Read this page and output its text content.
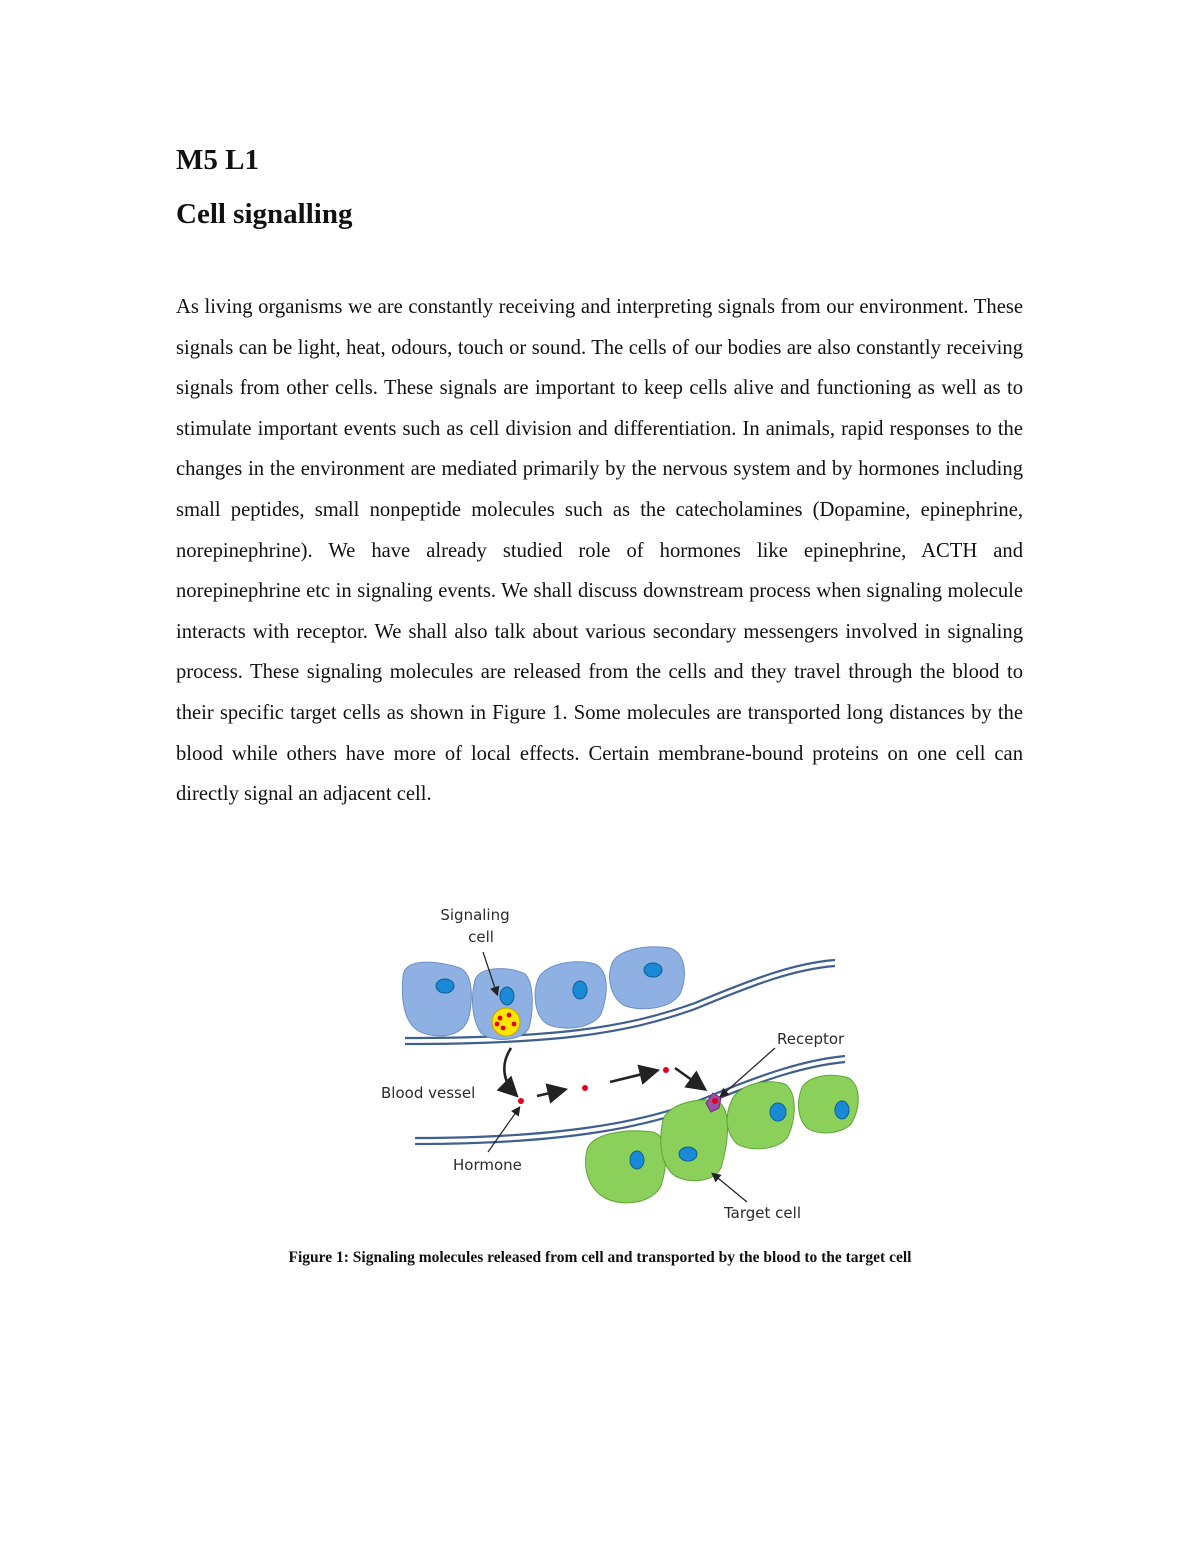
M5 L1
Cell signalling

As living organisms we are constantly receiving and interpreting signals from our environment. These signals can be light, heat, odours, touch or sound. The cells of our bodies are also constantly receiving signals from other cells. These signals are important to keep cells alive and functioning as well as to stimulate important events such as cell division and differentiation. In animals, rapid responses to the changes in the environment are mediated primarily by the nervous system and by hormones including small peptides, small nonpeptide molecules such as the catecholamines (Dopamine, epinephrine, norepinephrine). We have already studied role of hormones like epinephrine, ACTH and norepinephrine etc in signaling events. We shall discuss downstream process when signaling molecule interacts with receptor. We shall also talk about various secondary messengers involved in signaling process. These signaling molecules are released from the cells and they travel through the blood to their specific target cells as shown in Figure 1. Some molecules are transported long distances by the blood while others have more of local effects. Certain membrane-bound proteins on one cell can directly signal an adjacent cell.

Signaling
cell
Receptor
Blood vessel
Hormone
Target cell

Figure 1: Signaling molecules released from cell and transported by the blood to the target cell
